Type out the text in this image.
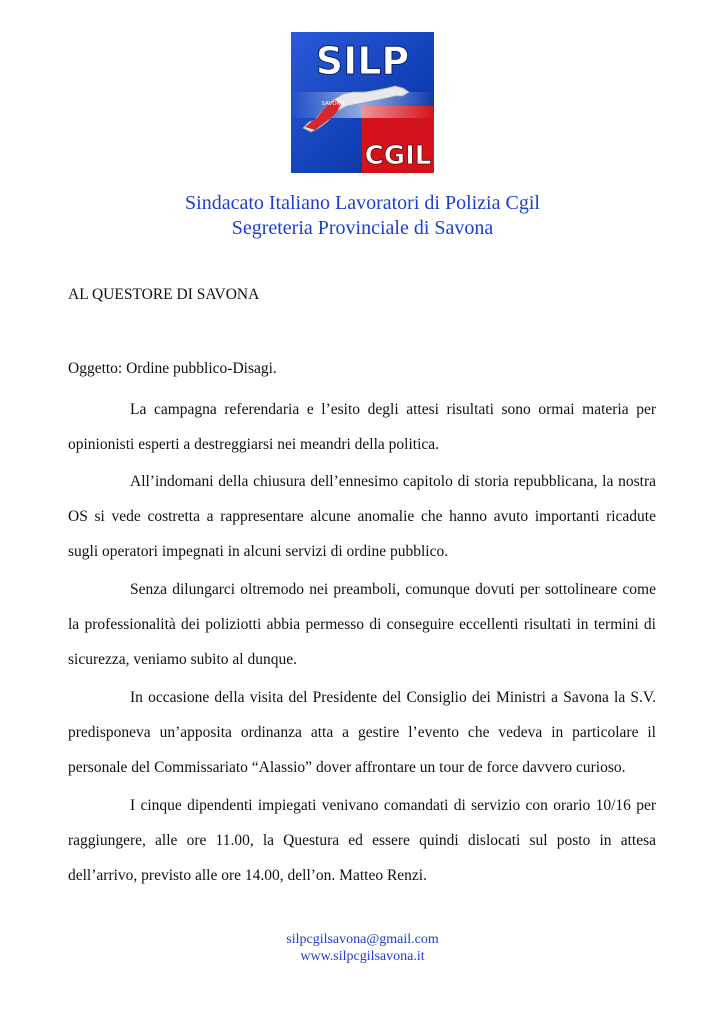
SILP
SAVONA
CGIL
Sindacato Italiano Lavoratori di Polizia Cgil
Segreteria Provinciale di Savona

AL QUESTORE DI SAVONA

Oggetto: Ordine pubblico-Disagi.

La campagna referendaria e l’esito degli attesi risultati sono ormai materia per opinionisti esperti a destreggiarsi nei meandri della politica.

All’indomani della chiusura dell’ennesimo capitolo di storia repubblicana, la nostra OS si vede costretta a rappresentare alcune anomalie che hanno avuto importanti ricadute sugli operatori impegnati in alcuni servizi di ordine pubblico.

Senza dilungarci oltremodo nei preamboli, comunque dovuti per sottolineare come la professionalità dei poliziotti abbia permesso di conseguire eccellenti risultati in termini di sicurezza, veniamo subito al dunque.

In occasione della visita del Presidente del Consiglio dei Ministri a Savona la S.V. predisponeva un’apposita ordinanza atta a gestire l’evento che vedeva in particolare il personale del Commissariato “Alassio” dover affrontare un tour de force davvero curioso.

I cinque dipendenti impiegati venivano comandati di servizio con orario 10/16 per raggiungere, alle ore 11.00, la Questura ed essere quindi dislocati sul posto in attesa dell’arrivo, previsto alle ore 14.00, dell’on. Matteo Renzi.

silpcgilsavona@gmail.com
www.silpcgilsavona.it
